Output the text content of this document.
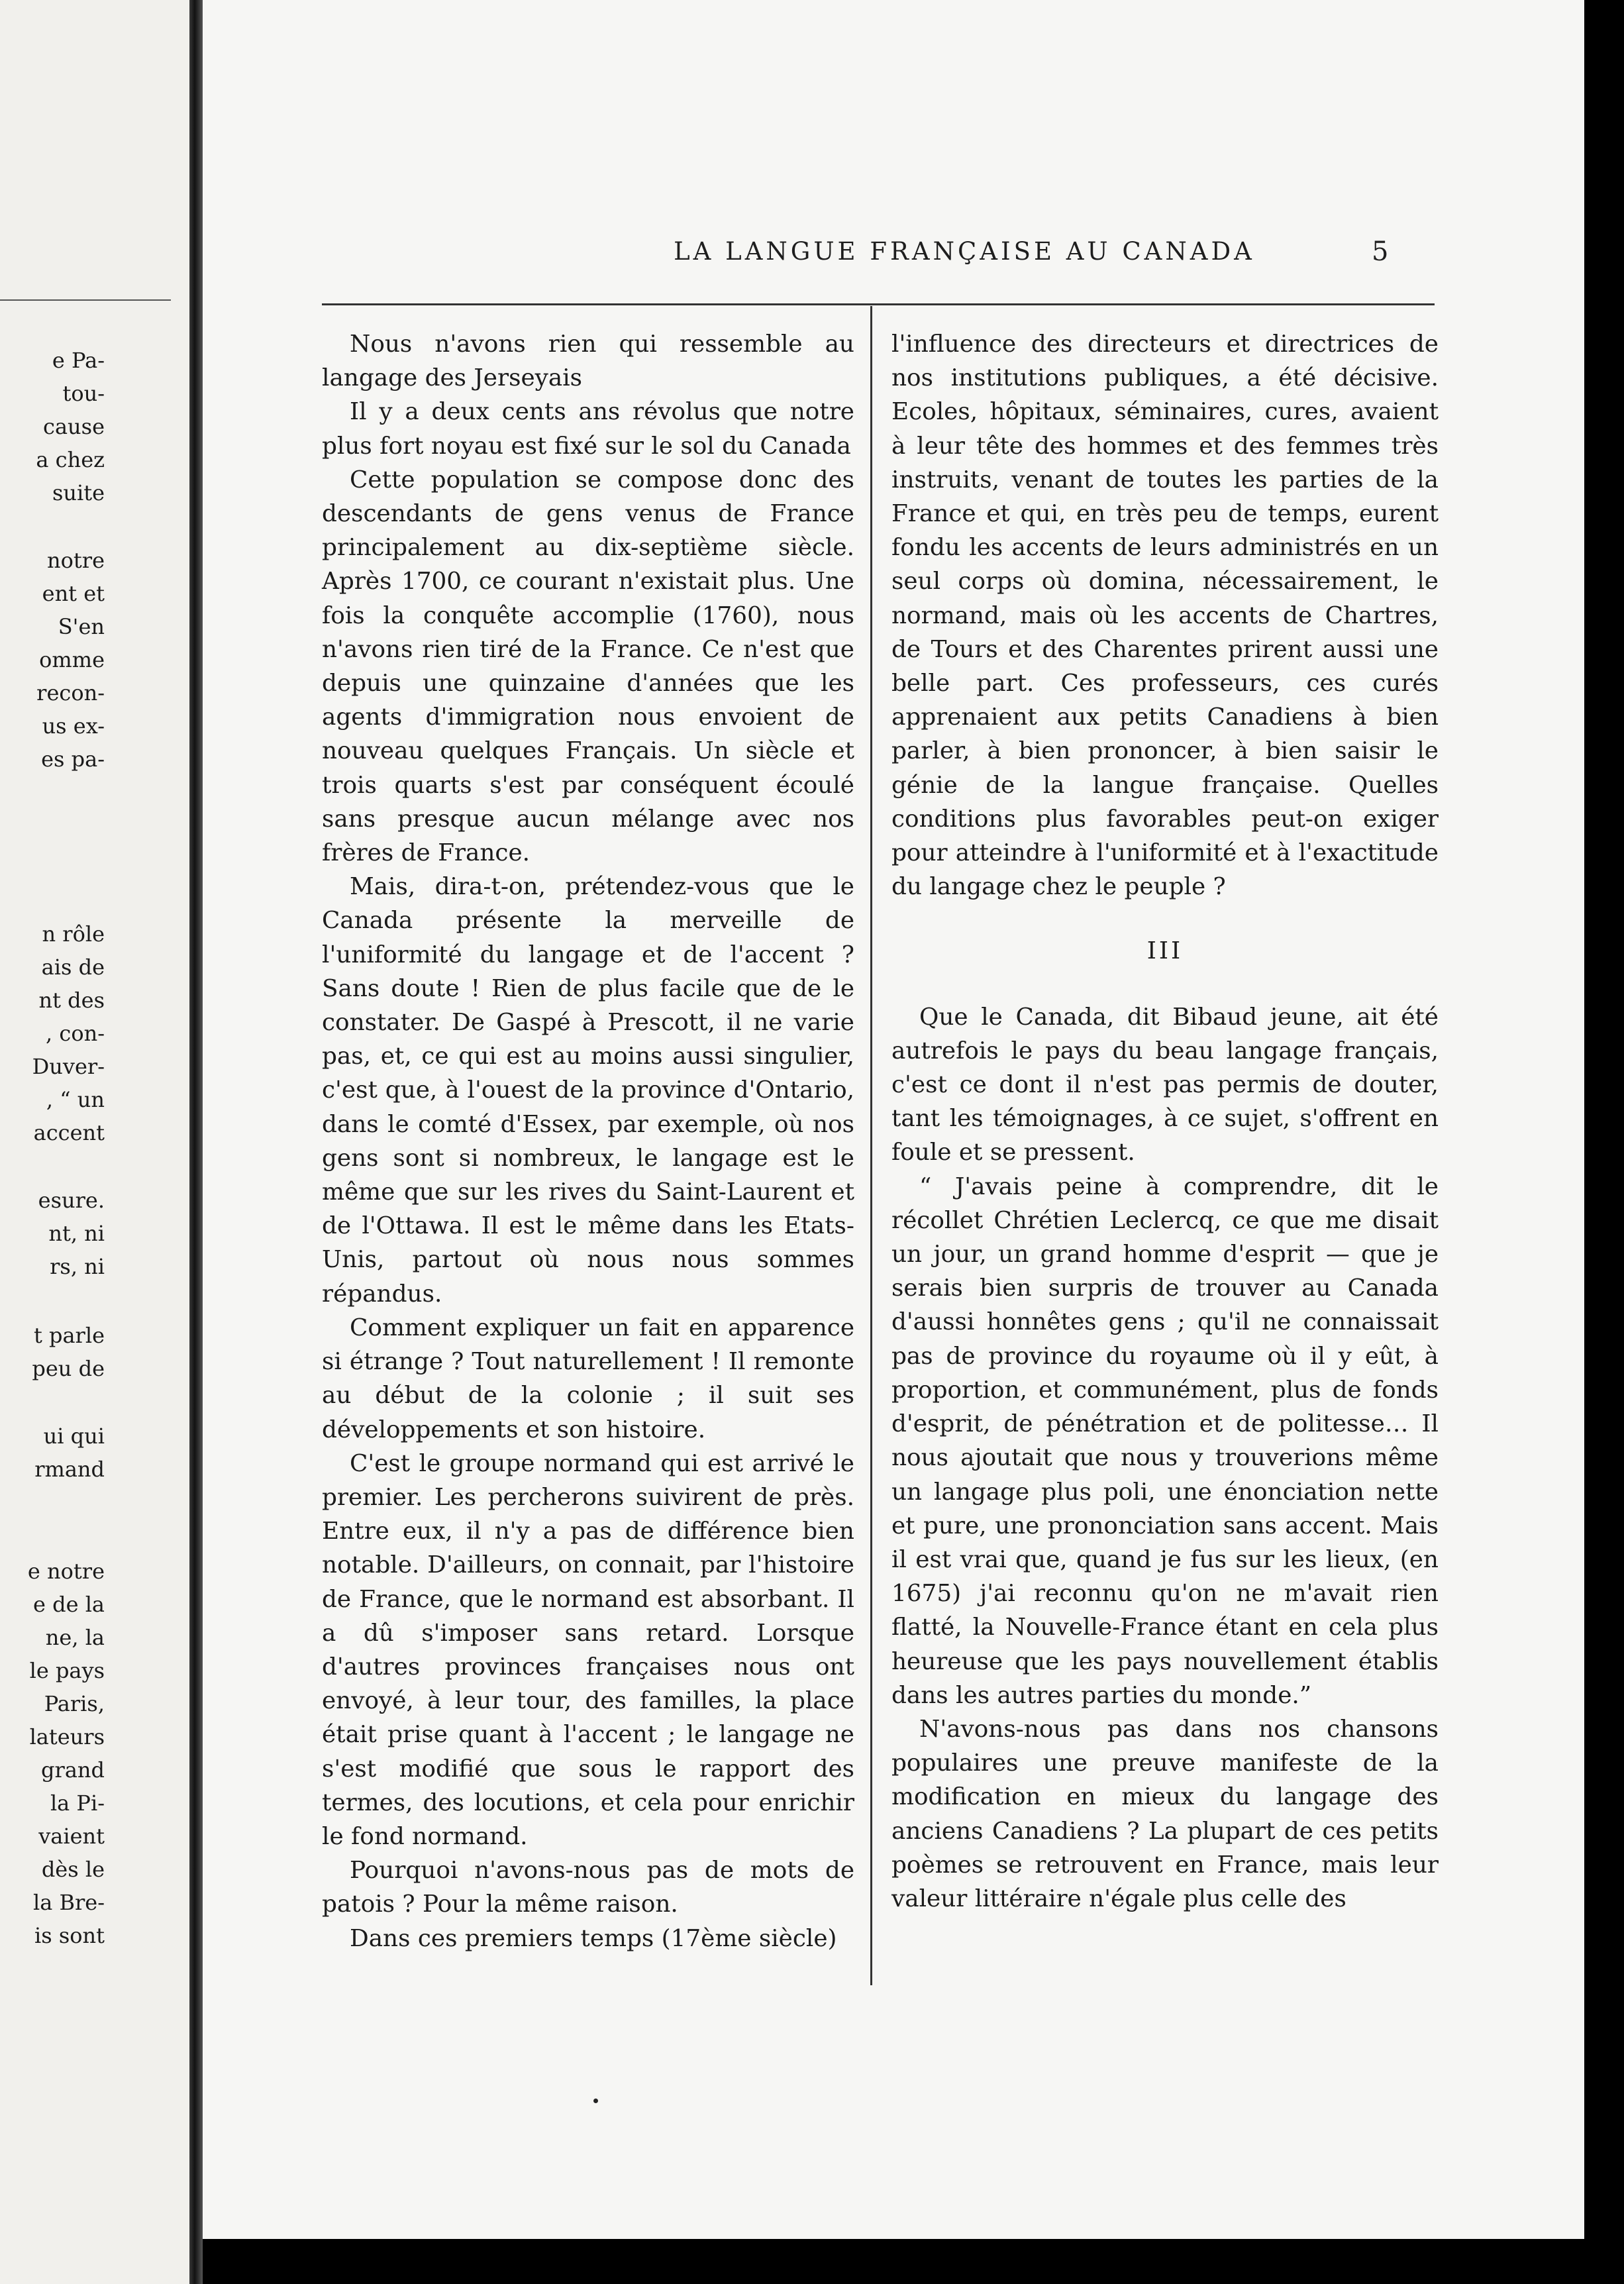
e Pa-
tou-
cause
a chez
suite
notre
ent et
S'en
omme
recon-
us ex-
es pa-
n rôle
ais de
nt des
, con-
Duver-
, “ un
accent
esure.
nt, ni
rs, ni
t parle
peu de
ui qui
rmand
e notre
e de la
ne, la
le pays
Paris,
lateurs
grand
la Pi-
vaient
dès le
la Bre-
is sont
LA LANGUE FRANÇAISE AU CANADA	5

Nous n'avons rien qui ressemble au langage des Jerseyais

Il y a deux cents ans révolus que notre plus fort noyau est fixé sur le sol du Canada

Cette population se compose donc des descendants de gens venus de France principalement au dix-septième siècle. Après 1700, ce courant n'existait plus. Une fois la conquête accomplie (1760), nous n'avons rien tiré de la France. Ce n'est que depuis une quinzaine d'années que les agents d'immigration nous envoient de nouveau quelques Français. Un siècle et trois quarts s'est par conséquent écoulé sans presque aucun mélange avec nos frères de France.

Mais, dira-t-on, prétendez-vous que le Canada présente la merveille de l'uniformité du langage et de l'accent ? Sans doute ! Rien de plus facile que de le constater. De Gaspé à Prescott, il ne varie pas, et, ce qui est au moins aussi singulier, c'est que, à l'ouest de la province d'Ontario, dans le comté d'Essex, par exemple, où nos gens sont si nombreux, le langage est le même que sur les rives du Saint-Laurent et de l'Ottawa. Il est le même dans les Etats-Unis, partout où nous nous sommes répandus.

Comment expliquer un fait en apparence si étrange ? Tout naturellement ! Il remonte au début de la colonie ; il suit ses développements et son histoire.

C'est le groupe normand qui est arrivé le premier. Les percherons suivirent de près. Entre eux, il n'y a pas de différence bien notable. D'ailleurs, on connait, par l'histoire de France, que le normand est absorbant. Il a dû s'imposer sans retard. Lorsque d'autres provinces françaises nous ont envoyé, à leur tour, des familles, la place était prise quant à l'accent ; le langage ne s'est modifié que sous le rapport des termes, des locutions, et cela pour enrichir le fond normand.

Pourquoi n'avons-nous pas de mots de patois ? Pour la même raison.

Dans ces premiers temps (17ème siècle)

l'influence des directeurs et directrices de nos institutions publiques, a été décisive. Ecoles, hôpitaux, séminaires, cures, avaient à leur tête des hommes et des femmes très instruits, venant de toutes les parties de la France et qui, en très peu de temps, eurent fondu les accents de leurs administrés en un seul corps où domina, nécessairement, le normand, mais où les accents de Chartres, de Tours et des Charentes prirent aussi une belle part. Ces professeurs, ces curés apprenaient aux petits Canadiens à bien parler, à bien prononcer, à bien saisir le génie de la langue française. Quelles conditions plus favorables peut-on exiger pour atteindre à l'uniformité et à l'exactitude du langage chez le peuple ?

III

Que le Canada, dit Bibaud jeune, ait été autrefois le pays du beau langage français, c'est ce dont il n'est pas permis de douter, tant les témoignages, à ce sujet, s'offrent en foule et se pressent.

“ J'avais peine à comprendre, dit le récollet Chrétien Leclercq, ce que me disait un jour, un grand homme d'esprit — que je serais bien surpris de trouver au Canada d'aussi honnêtes gens ; qu'il ne connaissait pas de province du royaume où il y eût, à proportion, et communément, plus de fonds d'esprit, de pénétration et de politesse… Il nous ajoutait que nous y trouverions même un langage plus poli, une énonciation nette et pure, une prononciation sans accent. Mais il est vrai que, quand je fus sur les lieux, (en 1675) j'ai reconnu qu'on ne m'avait rien flatté, la Nouvelle-France étant en cela plus heureuse que les pays nouvellement établis dans les autres parties du monde.”

N'avons-nous pas dans nos chansons populaires une preuve manifeste de la modification en mieux du langage des anciens Canadiens ? La plupart de ces petits poèmes se retrouvent en France, mais leur valeur littéraire n'égale plus celle des
